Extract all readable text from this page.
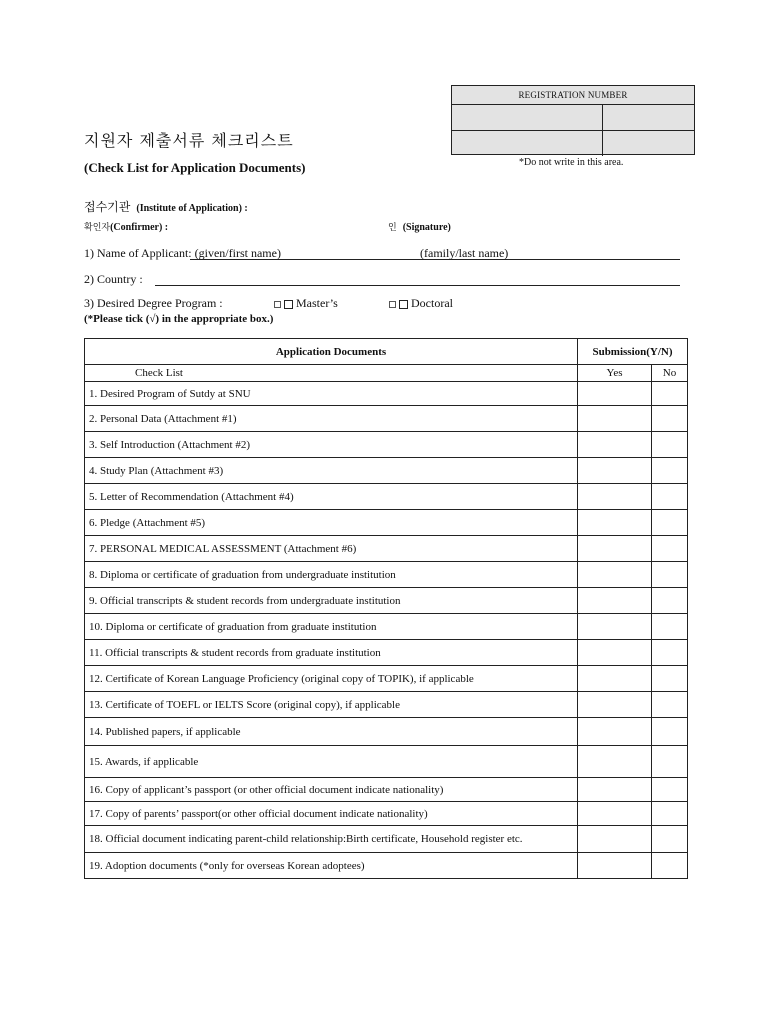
REGISTRATION NUMBER
*Do not write in this area.
지원자 제출서류 체크리스트
(Check List for Application Documents)
접수기관 (Institute of Application) :
확인자(Confirmer) :	인 (Signature)
1) Name of Applicant: (given/first name)	(family/last name)
2) Country :
3) Desired Degree Program :	Master’s	Doctoral
(*Please tick (√) in the appropriate box.)
Application Documents	Submission(Y/N)	
Check List	Yes	No
1. Desired Program of Sutdy at SNU		
2. Personal Data (Attachment #1)		
3. Self Introduction (Attachment #2)		
4. Study Plan (Attachment #3)		
5. Letter of Recommendation (Attachment #4)		
6. Pledge (Attachment #5)		
7. PERSONAL MEDICAL ASSESSMENT (Attachment #6)		
8. Diploma or certificate of graduation from undergraduate institution		
9. Official transcripts & student records from undergraduate institution		
10. Diploma or certificate of graduation from graduate institution		
11. Official transcripts & student records from graduate institution		
12. Certificate of Korean Language Proficiency (original copy of TOPIK), if applicable		
13. Certificate of TOEFL or IELTS Score (original copy), if applicable		
14. Published papers, if applicable		
15. Awards, if applicable		
16. Copy of applicant’s passport (or other official document indicate nationality)		
17. Copy of parents’ passport(or other official document indicate nationality)		
18. Official document indicating parent-child relationship:Birth certificate, Household register etc.		
19. Adoption documents (*only for overseas Korean adoptees)		
